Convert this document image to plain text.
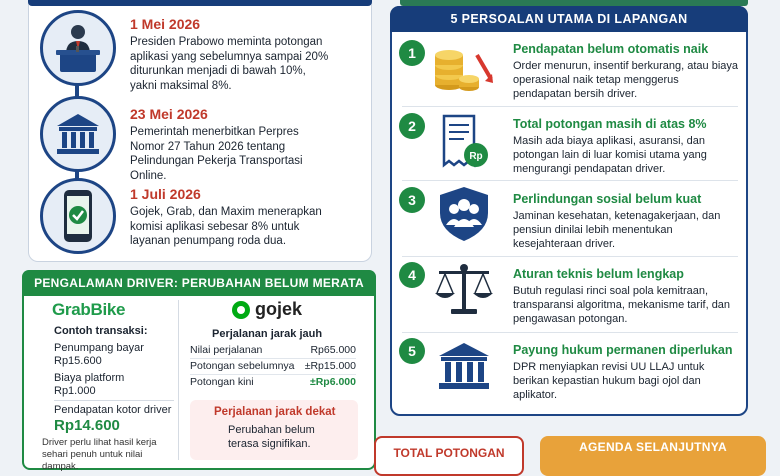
1 Mei 2026
Presiden Prabowo meminta potongan aplikasi yang sebelumnya sampai 20% diturunkan menjadi di bawah 10%, yakni maksimal 8%.
23 Mei 2026
Pemerintah menerbitkan Perpres Nomor 27 Tahun 2026 tentang Pelindungan Pekerja Transportasi Online.
1 Juli 2026
Gojek, Grab, dan Maxim menerapkan komisi aplikasi sebesar 8% untuk layanan penumpang roda dua.
PENGALAMAN DRIVER: PERUBAHAN BELUM MERATA
GrabBike
Contoh transaksi:
Penumpang bayar
Rp15.600
Biaya platform
Rp1.000
Pendapatan kotor driver
Rp14.600
Driver perlu lihat hasil kerja sehari penuh untuk nilai dampak.
gojek
Perjalanan jarak jauh
Nilai perjalanan	Rp65.000
Potongan sebelumnya ±Rp15.000
Potongan kini	±Rp6.000
Perjalanan jarak dekat
Perubahan belum terasa signifikan.
5 PERSOALAN UTAMA DI LAPANGAN
1	Pendapatan belum otomatis naik
Order menurun, insentif berkurang, atau biaya operasional naik tetap menggerus pendapatan bersih driver.
2
Rp
Total potongan masih di atas 8%
Masih ada biaya aplikasi, asuransi, dan potongan lain di luar komisi utama yang mengurangi pendapatan driver.
3	Perlindungan sosial belum kuat
Jaminan kesehatan, ketenagakerjaan, dan pensiun dinilai lebih menentukan kesejahteraan driver.
4	Aturan teknis belum lengkap
Butuh regulasi rinci soal pola kemitraan, transparansi algoritma, mekanisme tarif, dan pengawasan potongan.
5	Payung hukum permanen diperlukan
DPR menyiapkan revisi UU LLAJ untuk berikan kepastian hukum bagi ojol dan aplikator.
TOTAL POTONGAN	AGENDA SELANJUTNYA
